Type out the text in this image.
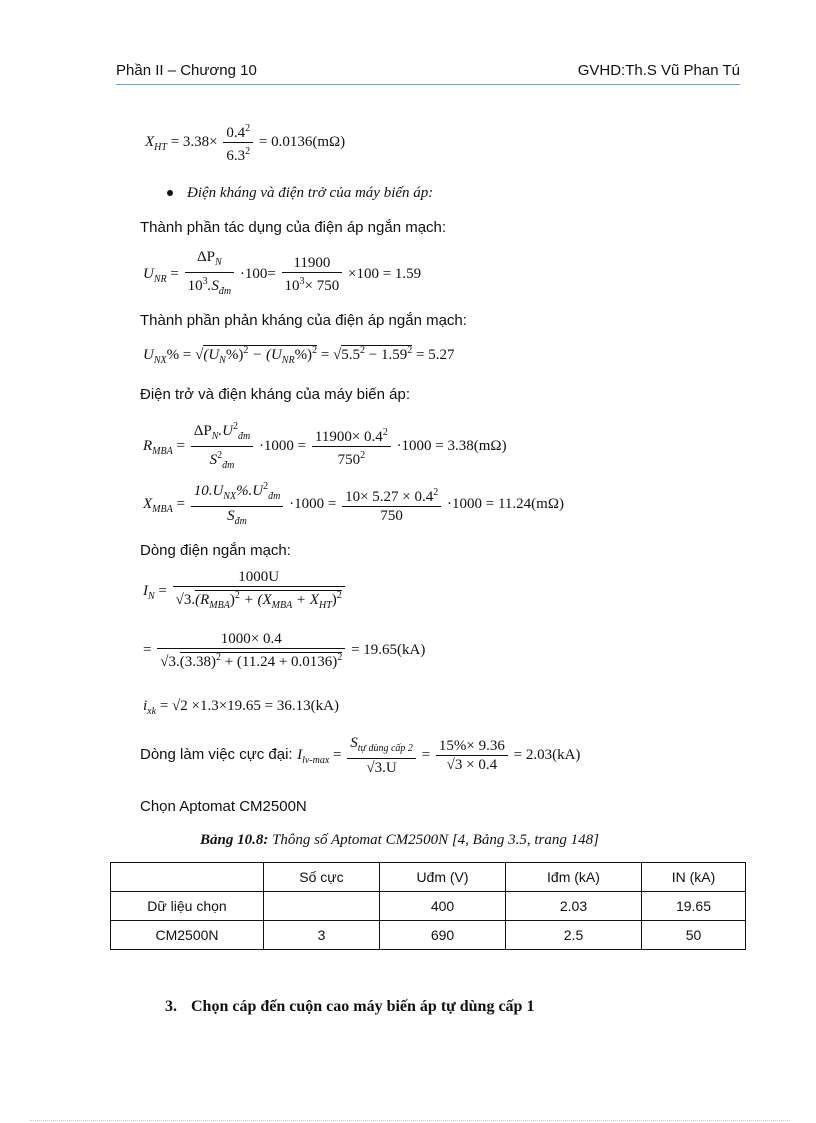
Phần II – Chương 10	GVHD:Th.S Vũ Phan Tú
$X_{HT} = 3.38\times \frac{0.4^2}{6.3^2} = 0.0136(m\Omega)$
Điện kháng và điện trở của máy biến áp:
Thành phần tác dụng của điện áp ngắn mạch:
$U_{NR} = \frac{\Delta P_N}{10^3.S_{đm}} \cdot 100= \frac{11900}{10^3\times 750} \times 100 = 1.59$
Thành phần phản kháng của điện áp ngắn mạch:
$U_{NX}\% = √(U_N\%)^2 - (U_{NR}\%)^2 = √5.5^2 - 1.59^2 = 5.27$
Điện trở và điện kháng của máy biến áp:
$R_{MBA} = \frac{\Delta P_N.U^2_{đm}}{S^2_{đm}} \cdot 1000 = \frac{11900\times 0.4^2}{750^2} \cdot 1000 = 3.38(m\Omega)$
$X_{MBA} = \frac{10.U_{NX}\%.U^2_{đm}}{S_{đm}} \cdot 1000 = \frac{10\times 5.27 \times 0.4^2}{750} \cdot 1000 = 11.24(m\Omega)$
Dòng điện ngắn mạch:
$I_N = \frac{1000U}{√3.(R_{MBA})^2 + (X_{MBA} + X_{HT})^2}$
= $\frac{1000\times 0.4}{√3.(3.38)^2 + (11.24 + 0.0136)^2} = 19.65(kA)$
$i_{xk} = √2 \times 1.3\times 19.65 = 36.13(kA)$
Dòng làm việc cực đại: $I_{lv-max} = \frac{S_{tự dùng cấp 2}}{√3.U} = \frac{15\%\times 9.36}{√3 \times 0.4} = 2.03(kA)$
Chọn Aptomat CM2500N
Bảng 10.8: Thông số Aptomat CM2500N [4, Bảng 3.5, trang 148]
	Số cực	Uđm (V)	Iđm (kA)	IN (kA)
Dữ liệu chọn		400	2.03	19.65
CM2500N	3	690	2.5	50
3. Chọn cáp đến cuộn cao máy biến áp tự dùng cấp 1
